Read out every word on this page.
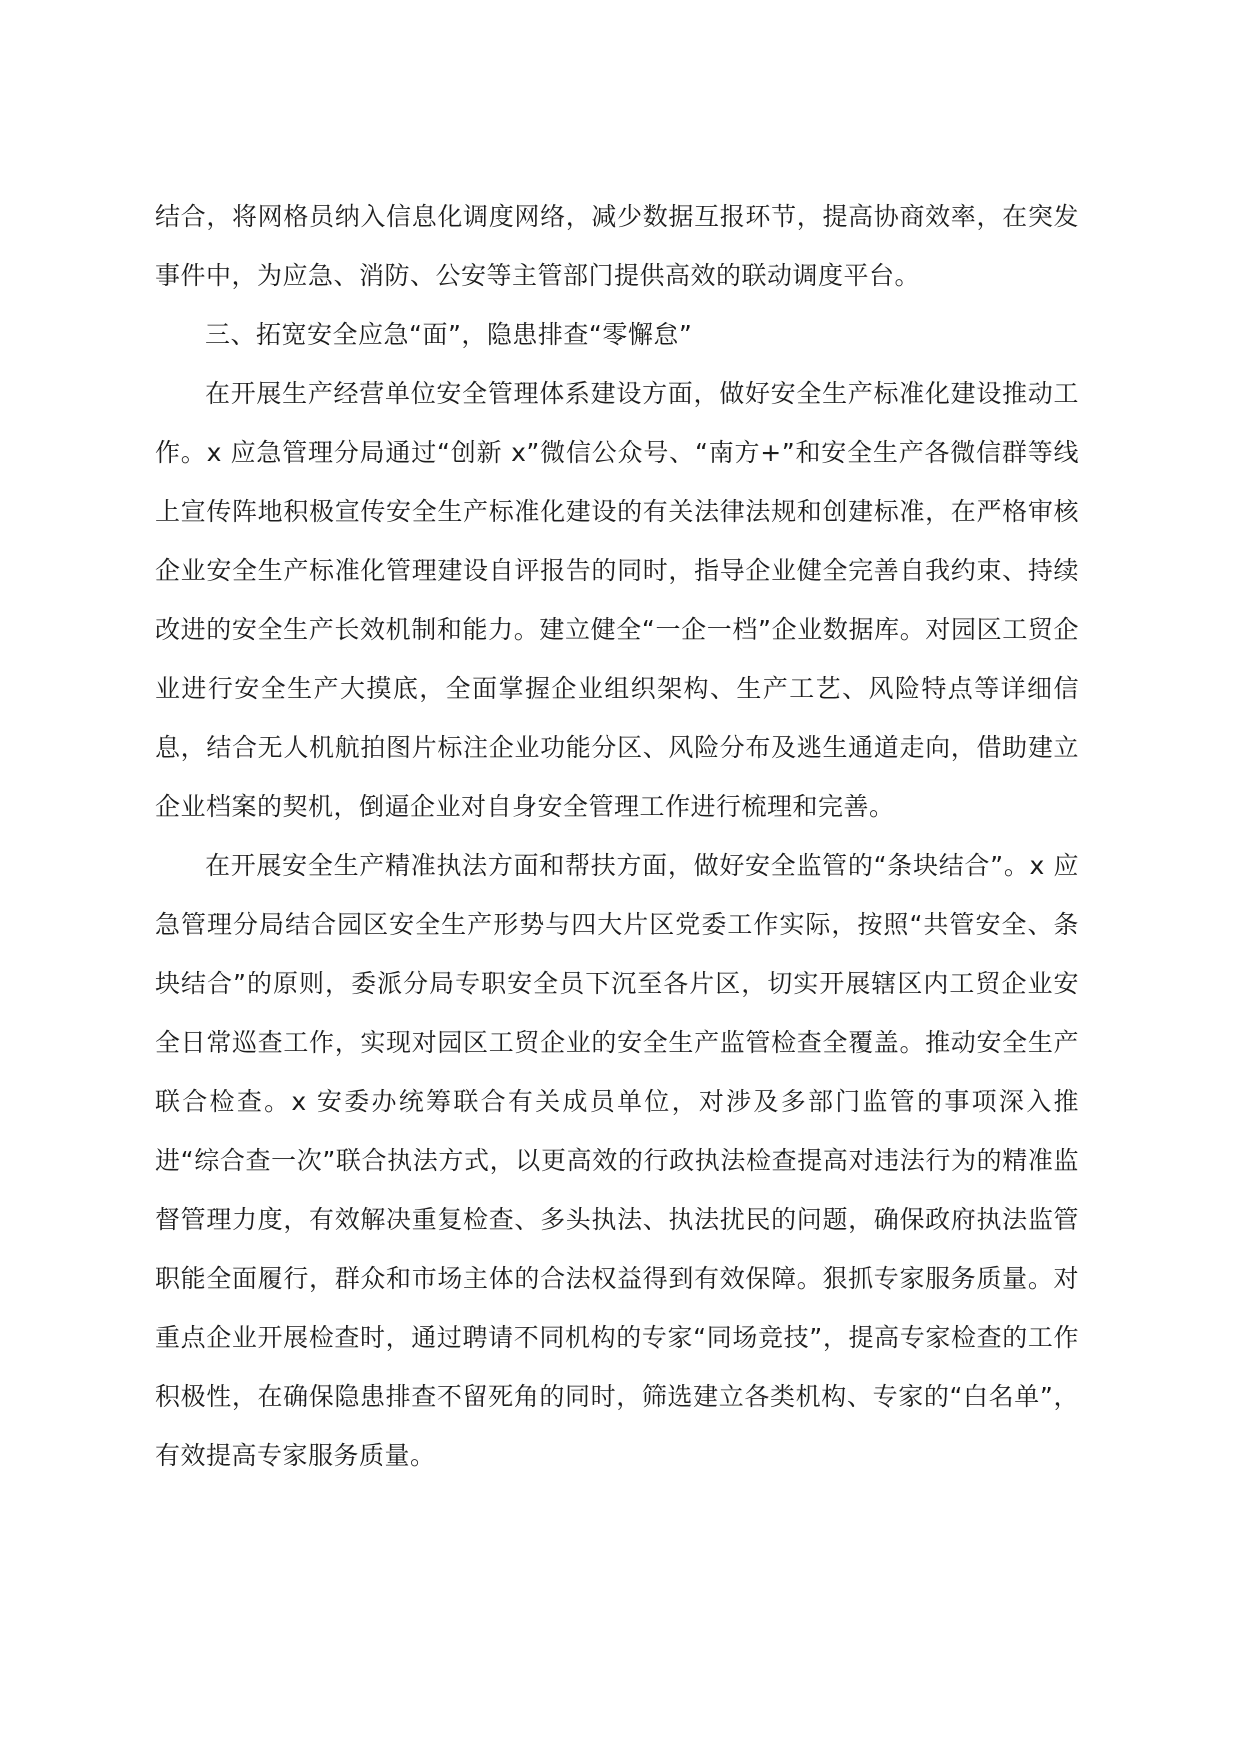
结合，将网格员纳入信息化调度网络，减少数据互报环节，提高协商效率，在突发事件中，为应急、消防、公安等主管部门提供高效的联动调度平台。

三、拓宽安全应急“面”，隐患排查“零懈怠”

在开展生产经营单位安全管理体系建设方面，做好安全生产标准化建设推动工作。x 应急管理分局通过“创新 x”微信公众号、“南方+”和安全生产各微信群等线上宣传阵地积极宣传安全生产标准化建设的有关法律法规和创建标准，在严格审核企业安全生产标准化管理建设自评报告的同时，指导企业健全完善自我约束、持续改进的安全生产长效机制和能力。建立健全“一企一档”企业数据库。对园区工贸企业进行安全生产大摸底，全面掌握企业组织架构、生产工艺、风险特点等详细信息，结合无人机航拍图片标注企业功能分区、风险分布及逃生通道走向，借助建立企业档案的契机，倒逼企业对自身安全管理工作进行梳理和完善。

在开展安全生产精准执法方面和帮扶方面，做好安全监管的“条块结合”。x 应急管理分局结合园区安全生产形势与四大片区党委工作实际，按照“共管安全、条块结合”的原则，委派分局专职安全员下沉至各片区，切实开展辖区内工贸企业安全日常巡查工作，实现对园区工贸企业的安全生产监管检查全覆盖。推动安全生产联合检查。x 安委办统筹联合有关成员单位，对涉及多部门监管的事项深入推进“综合查一次”联合执法方式，以更高效的行政执法检查提高对违法行为的精准监督管理力度，有效解决重复检查、多头执法、执法扰民的问题，确保政府执法监管职能全面履行，群众和市场主体的合法权益得到有效保障。狠抓专家服务质量。对重点企业开展检查时，通过聘请不同机构的专家“同场竞技”，提高专家检查的工作积极性，在确保隐患排查不留死角的同时，筛选建立各类机构、专家的“白名单”，有效提高专家服务质量。
